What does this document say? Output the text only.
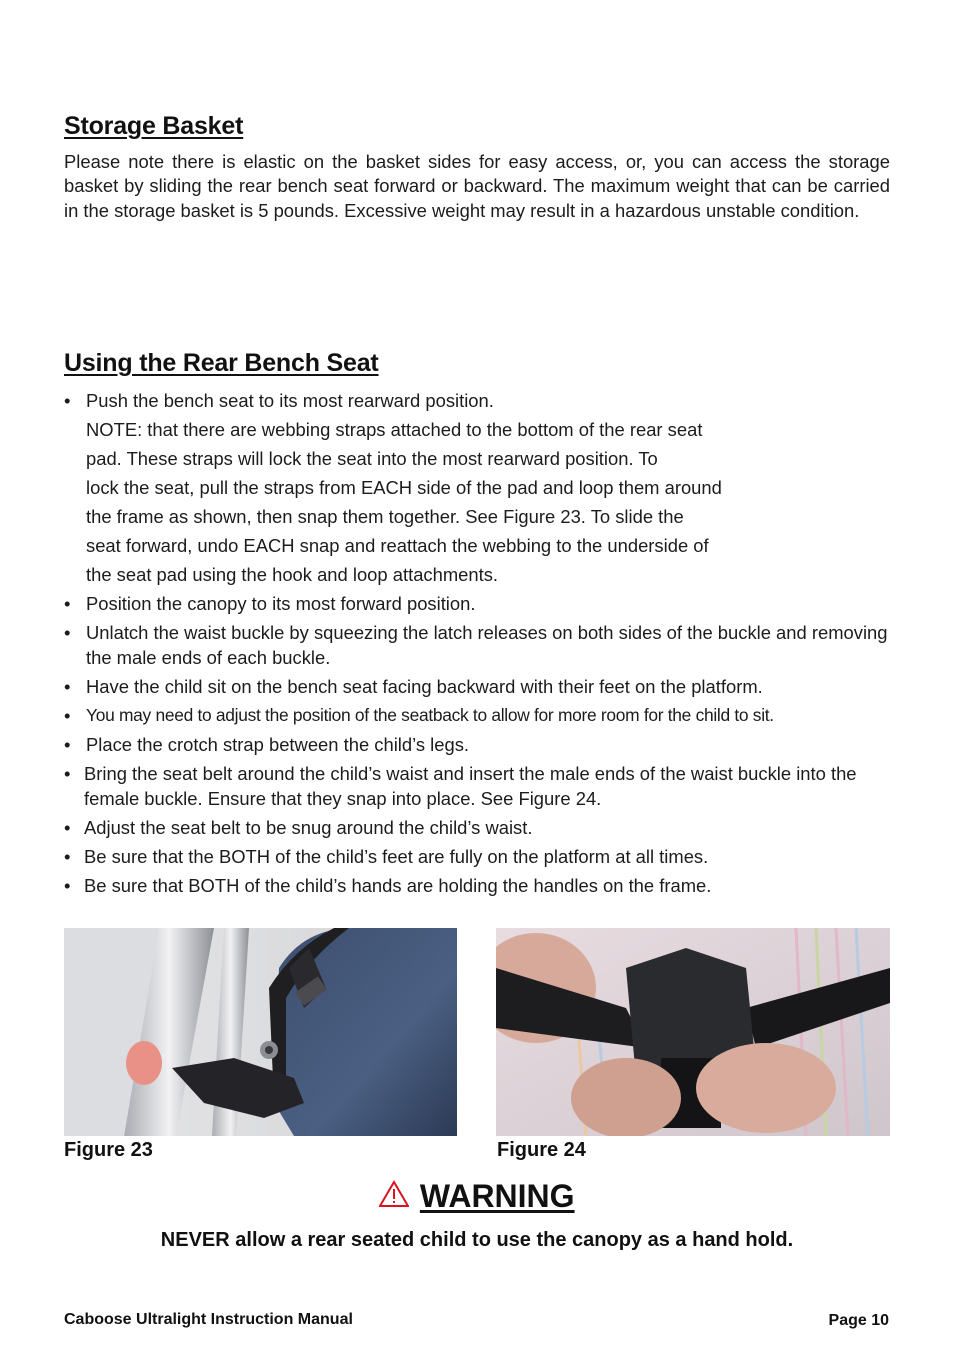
Storage Basket
Please note there is elastic on the basket sides for easy access, or, you can access the storage basket by sliding the rear bench seat forward or backward. The maximum weight that can be carried in the storage basket is 5 pounds. Excessive weight may result in a hazardous unstable condition.
Using the Rear Bench Seat
• Push the bench seat to its most rearward position.
NOTE: that there are webbing straps attached to the bottom of the rear seat
pad. These straps will lock the seat into the most rearward position. To
lock the seat, pull the straps from EACH side of the pad and loop them around
the frame as shown, then snap them together. See Figure 23. To slide the
seat forward, undo EACH snap and reattach the webbing to the underside of
the seat pad using the hook and loop attachments.
• Position the canopy to its most forward position.
• Unlatch the waist buckle by squeezing the latch releases on both sides of the buckle and removing the male ends of each buckle.
• Have the child sit on the bench seat facing backward with their feet on the platform.
• You may need to adjust the position of the seatback to allow for more room for the child to sit.
• Place the crotch strap between the child’s legs.
• Bring the seat belt around the child’s waist and insert the male ends of the waist buckle into the female buckle. Ensure that they snap into place. See Figure 24.
• Adjust the seat belt to be snug around the child’s waist.
• Be sure that the BOTH of the child’s feet are fully on the platform at all times.
• Be sure that BOTH of the child’s hands are holding the handles on the frame.
Figure 23	Figure 24
WARNING
NEVER allow a rear seated child to use the canopy as a hand hold.
Caboose Ultralight Instruction Manual	Page 10
